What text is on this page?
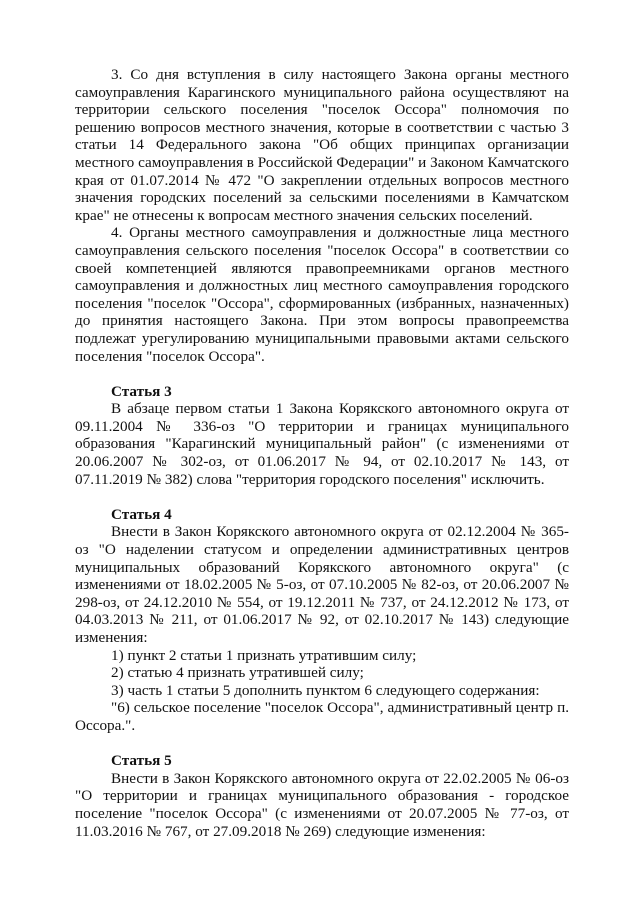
3. Со дня вступления в силу настоящего Закона органы местного самоуправления Карагинского муниципального района осуществляют на территории сельского поселения "поселок Оссора" полномочия по решению вопросов местного значения, которые в соответствии с частью 3 статьи 14 Федерального закона "Об общих принципах организации местного самоуправления в Российской Федерации" и Законом Камчатского края от 01.07.2014 № 472 "О закреплении отдельных вопросов местного значения городских поселений за сельскими поселениями в Камчатском крае" не отнесены к вопросам местного значения сельских поселений.

4. Органы местного самоуправления и должностные лица местного самоуправления сельского поселения "поселок Оссора" в соответствии со своей компетенцией являются правопреемниками органов местного самоуправления и должностных лиц местного самоуправления городского поселения "поселок "Оссора", сформированных (избранных, назначенных) до принятия настоящего Закона. При этом вопросы правопреемства подлежат урегулированию муниципальными правовыми актами сельского поселения "поселок Оссора".

Статья 3

В абзаце первом статьи 1 Закона Корякского автономного округа от 09.11.2004 № 336-оз "О территории и границах муниципального образования "Карагинский муниципальный район" (с изменениями от 20.06.2007 № 302-оз, от 01.06.2017 № 94, от 02.10.2017 № 143, от 07.11.2019 № 382) слова "территория городского поселения" исключить.

Статья 4

Внести в Закон Корякского автономного округа от 02.12.2004 № 365-оз "О наделении статусом и определении административных центров муниципальных образований Корякского автономного округа" (с изменениями от 18.02.2005 № 5-оз, от 07.10.2005 № 82-оз, от 20.06.2007 № 298-оз, от 24.12.2010 № 554, от 19.12.2011 № 737, от 24.12.2012 № 173, от 04.03.2013 № 211, от 01.06.2017 № 92, от 02.10.2017 № 143) следующие изменения:

1) пункт 2 статьи 1 признать утратившим силу;

2) статью 4 признать утратившей силу;

3) часть 1 статьи 5 дополнить пунктом 6 следующего содержания:

"6) сельское поселение "поселок Оссора", административный центр п. Оссора.".

Статья 5

Внести в Закон Корякского автономного округа от 22.02.2005 № 06-оз "О территории и границах муниципального образования - городское поселение "поселок Оссора" (с изменениями от 20.07.2005 № 77-оз, от 11.03.2016 № 767, от 27.09.2018 № 269) следующие изменения:
